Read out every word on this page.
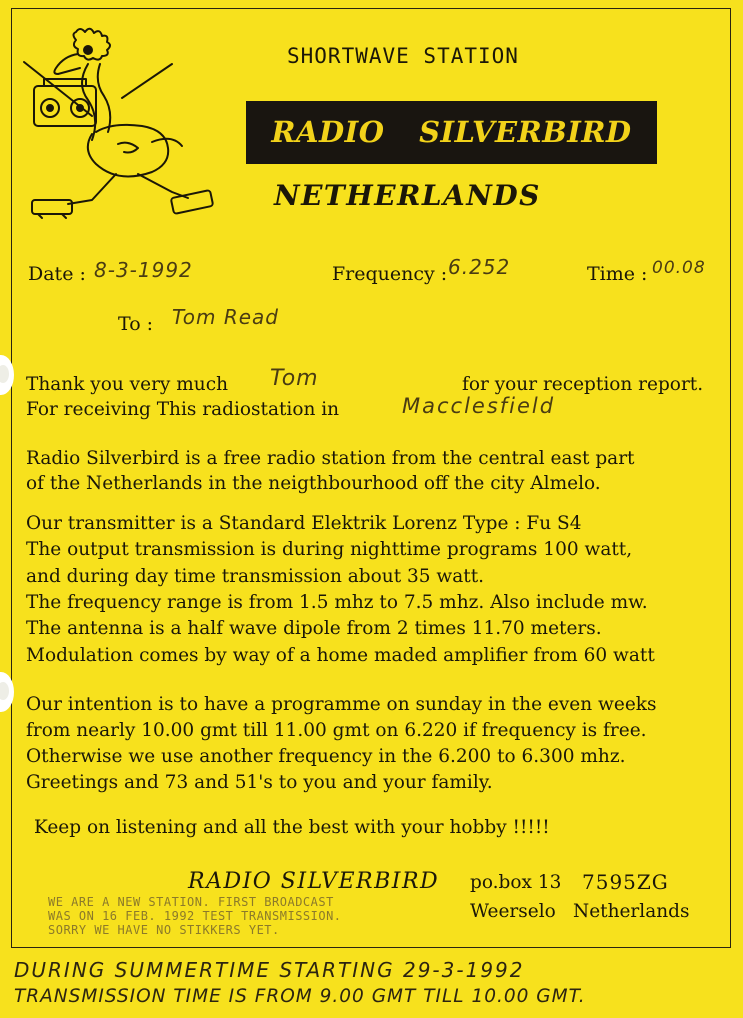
SHORTWAVE STATION
RADIO SILVERBIRD
NETHERLANDS
Date : 8-3-1992	Frequency : 6.252	Time : 00.08
To : Tom Read
Thank you very much Tom	for your reception report.
For receiving This radiostation in	Macclesfield
Radio Silverbird is a free radio station from the central east part
of the Netherlands in the neigthbourhood off the city Almelo.
Our transmitter is a Standard Elektrik Lorenz Type : Fu S4
The output transmission is during nighttime programs 100 watt,
and during day time transmission about 35 watt.
The frequency range is from 1.5 mhz to 7.5 mhz. Also include mw.
The antenna is a half wave dipole from 2 times 11.70 meters.
Modulation comes by way of a home maded amplifier from 60 watt
Our intention is to have a programme on sunday in the even weeks
from nearly 10.00 gmt till 11.00 gmt on 6.220 if frequency is free.
Otherwise we use another frequency in the 6.200 to 6.300 mhz.
Greetings and 73 and 51's to you and your family.
Keep on listening and all the best with your hobby !!!!!
RADIO SILVERBIRD po.box 13 7595ZG
Weerselo Netherlands
WE ARE A NEW STATION. FIRST BROADCAST
WAS ON 16 FEB. 1992 TEST TRANSMISSION.
SORRY WE HAVE NO STIKKERS YET.
DURING SUMMERTIME STARTING 29-3-1992
TRANSMISSION TIME IS FROM 9.00 GMT TILL 10.00 GMT.
